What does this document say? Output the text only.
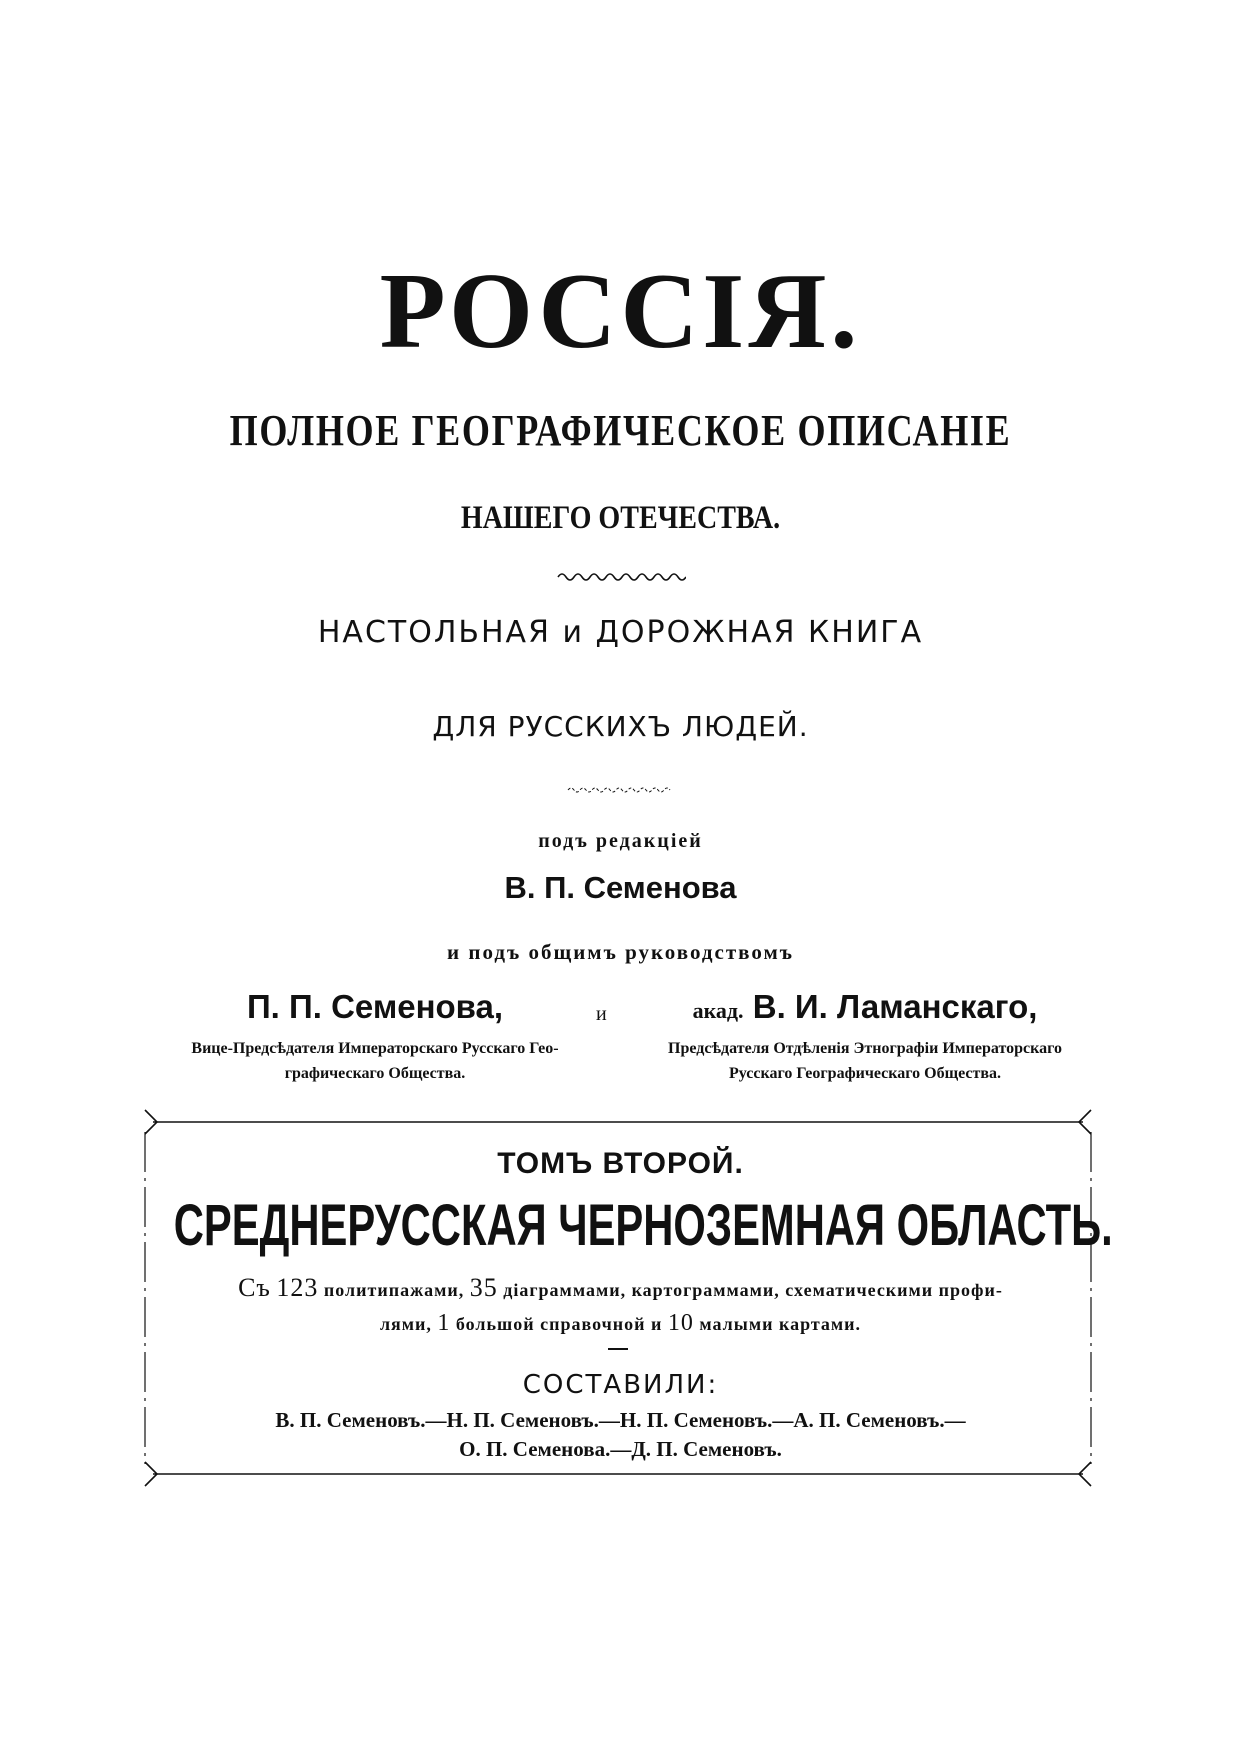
РОССІЯ.
ПОЛНОЕ ГЕОГРАФИЧЕСКОЕ ОПИСАНІЕ
НАШЕГО ОТЕЧЕСТВА.
НАСТОЛЬНАЯ и ДОРОЖНАЯ КНИГА
ДЛЯ РУССКИХЪ ЛЮДЕЙ.
подъ редакціей
В. П. Семенова
и подъ общимъ руководствомъ
П. П. Семенова,
Вице-Предсѣдателя Императорскаго Русскаго Гео-
графическаго Общества.
и	акад. В. И. Ламанскаго,
Предсѣдателя Отдѣленія Этнографіи Императорскаго
Русскаго Географическаго Общества.
ТОМЪ ВТОРОЙ.
СРЕДНЕРУССКАЯ ЧЕРНОЗЕМНАЯ ОБЛАСТЬ.
Съ 123 политипажами, 35 діаграммами, картограммами, схематическими профи-
лями, 1 большой справочной и 10 малыми картами.
СОСТАВИЛИ:
В. П. Семеновъ.—Н. П. Семеновъ.—Н. П. Семеновъ.—А. П. Семеновъ.—
О. П. Семенова.—Д. П. Семеновъ.
